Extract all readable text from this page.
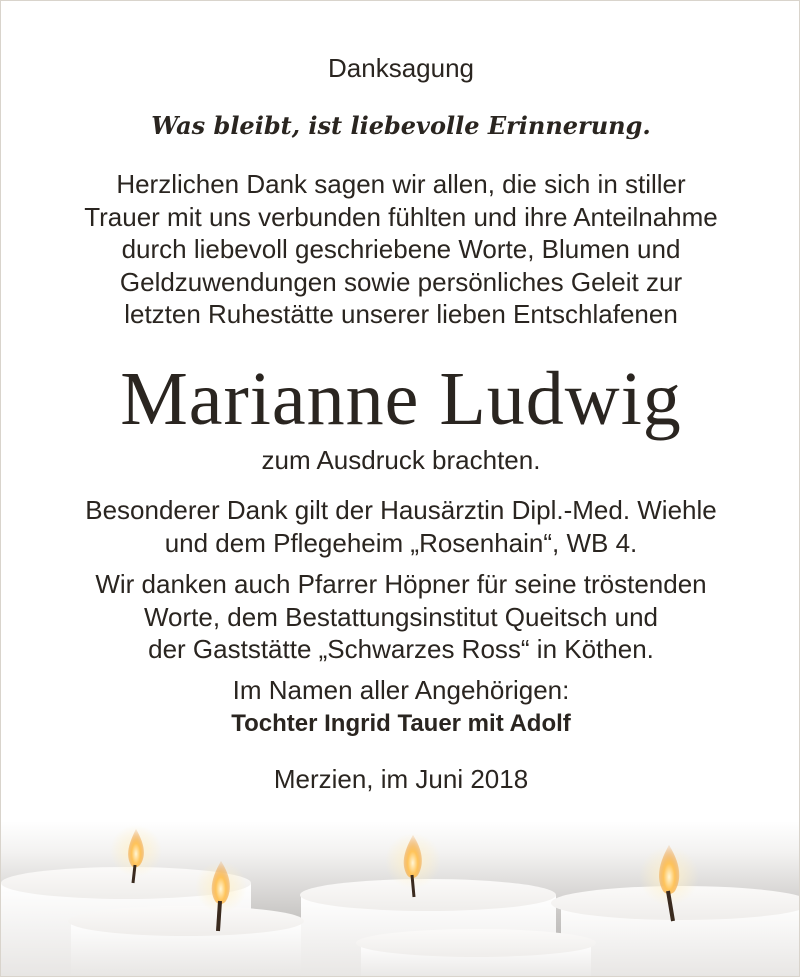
Danksagung
Was bleibt, ist liebevolle Erinnerung.
Herzlichen Dank sagen wir allen, die sich in stiller
Trauer mit uns verbunden fühlten und ihre Anteilnahme
durch liebevoll geschriebene Worte, Blumen und
Geldzuwendungen sowie persönliches Geleit zur
letzten Ruhestätte unserer lieben Entschlafenen
Marianne Ludwig
zum Ausdruck brachten.
Besonderer Dank gilt der Hausärztin Dipl.-Med. Wiehle
und dem Pflegeheim „Rosenhain“, WB 4.
Wir danken auch Pfarrer Höpner für seine tröstenden
Worte, dem Bestattungsinstitut Queitsch und
der Gaststätte „Schwarzes Ross“ in Köthen.
Im Namen aller Angehörigen:
Tochter Ingrid Tauer mit Adolf
Merzien, im Juni 2018
